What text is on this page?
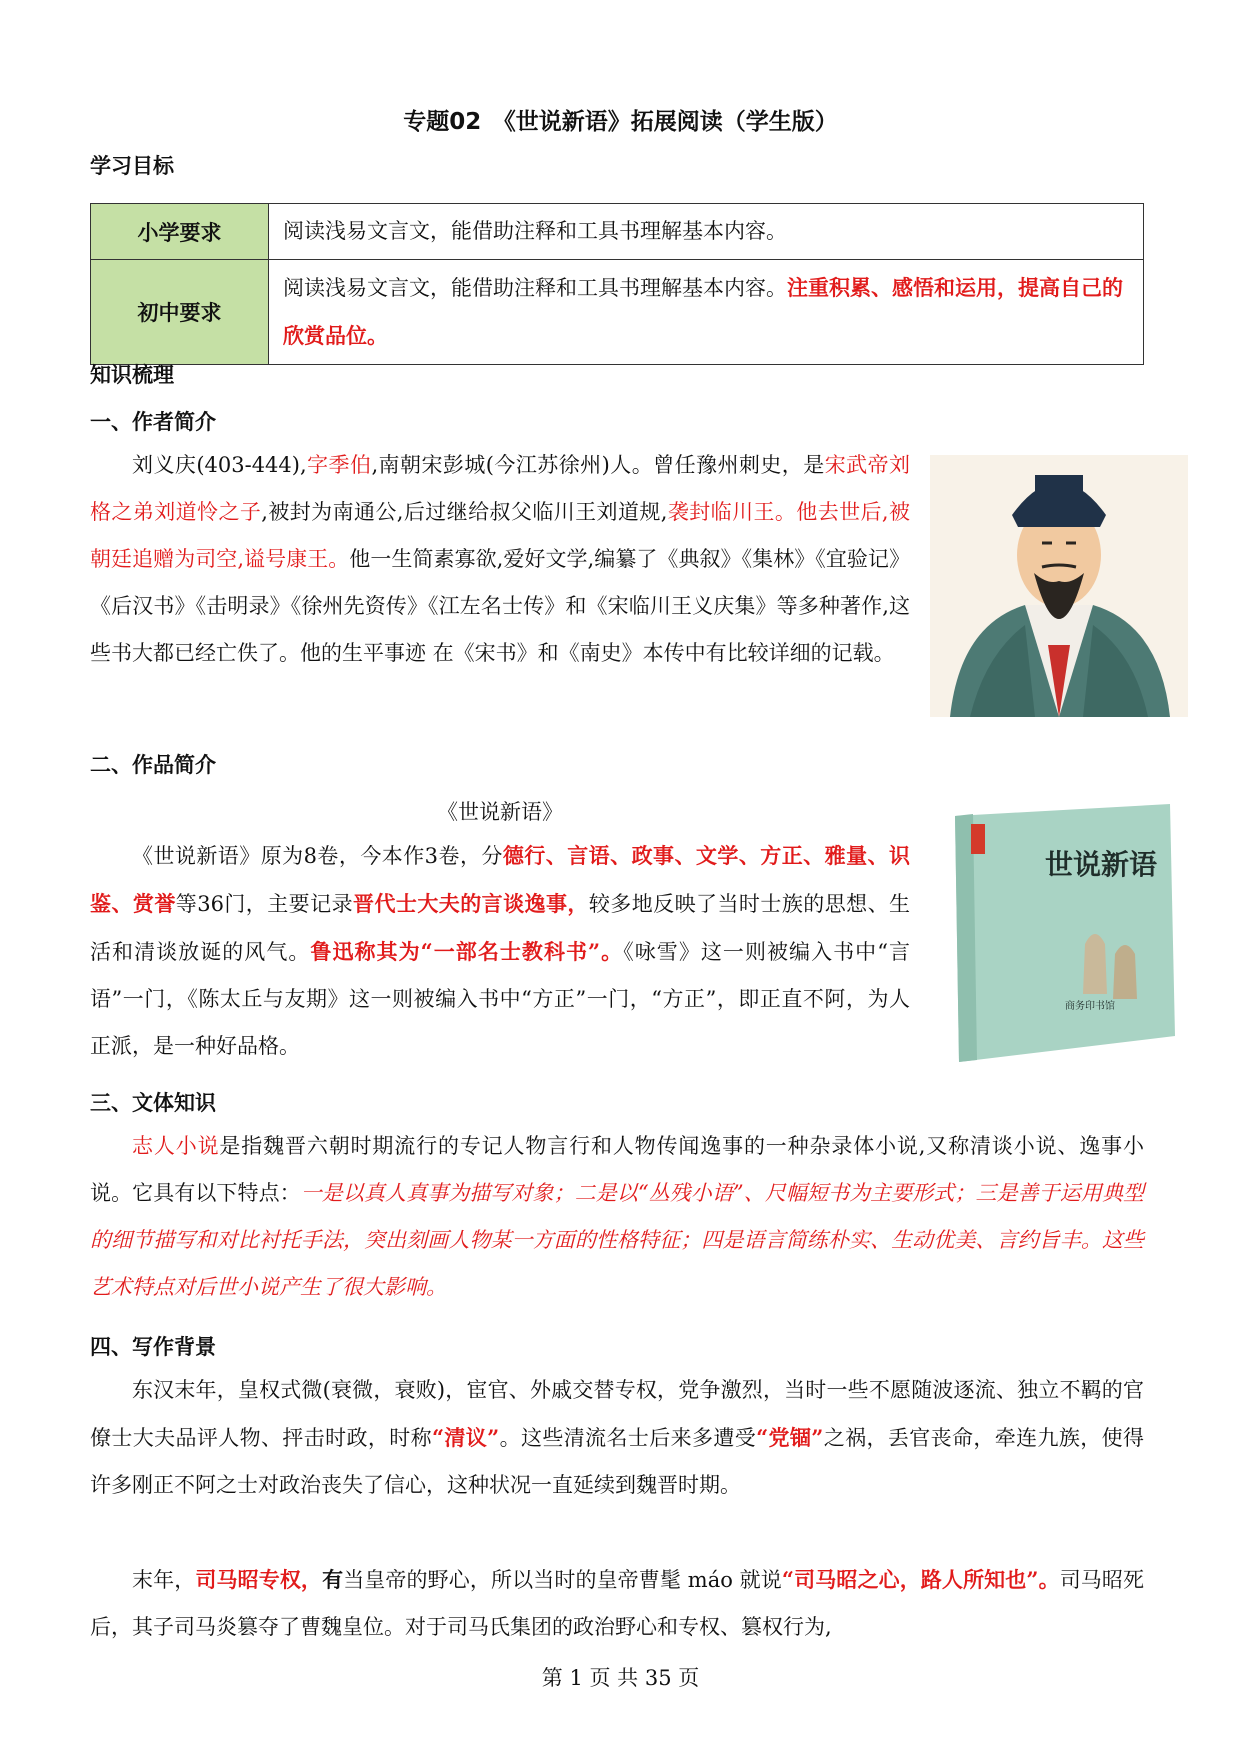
专题02　《世说新语》拓展阅读（学生版）
学习目标
小学要求	阅读浅易文言文，能借助注释和工具书理解基本内容。
初中要求	阅读浅易文言文，能借助注释和工具书理解基本内容。注重积累、感悟和运用，提高自己的欣赏品位。
知识梳理
一、作者简介
刘义庆(403-444),字季伯,南朝宋彭城(今江苏徐州)人。曾任豫州刺史，是宋武帝刘格之弟刘道怜之子,被封为南通公,后过继给叔父临川王刘道规,袭封临川王。他去世后,被朝廷追赠为司空,谥号康王。他一生简素寡欲,爱好文学,编纂了《典叙》《集林》《宜验记》《后汉书》《击明录》《徐州先资传》《江左名士传》和《宋临川王义庆集》等多种著作,这些书大都已经亡佚了。他的生平事迹 在《宋书》和《南史》本传中有比较详细的记载。
二、作品简介
《世说新语》
《世说新语》原为8卷，今本作3卷，分德行、言语、政事、文学、方正、雅量、识鉴、赏誉等36门，主要记录晋代士大夫的言谈逸事，较多地反映了当时士族的思想、生活和清谈放诞的风气。鲁迅称其为“一部名士教科书”。《咏雪》这一则被编入书中“言语”一门，《陈太丘与友期》这一则被编入书中“方正”一门，“方正”，即正直不阿，为人正派，是一种好品格。
世说新语
商务印书馆
三、文体知识
志人小说是指魏晋六朝时期流行的专记人物言行和人物传闻逸事的一种杂录体小说,又称清谈小说、逸事小说。它具有以下特点：一是以真人真事为描写对象；二是以“丛残小语”、尺幅短书为主要形式；三是善于运用典型的细节描写和对比衬托手法，突出刻画人物某一方面的性格特征；四是语言简练朴实、生动优美、言约旨丰。这些艺术特点对后世小说产生了很大影响。
四、写作背景
东汉末年，皇权式微(衰微，衰败)，宦官、外戚交替专权，党争激烈，当时一些不愿随波逐流、独立不羁的官僚士大夫品评人物、抨击时政，时称“清议”。这些清流名士后来多遭受“党锢”之祸，丢官丧命，牵连九族，使得许多刚正不阿之士对政治丧失了信心，这种状况一直延续到魏晋时期。
末年，司马昭专权，有当皇帝的野心，所以当时的皇帝曹髦 máo 就说“司马昭之心，路人所知也”。司马昭死后，其子司马炎篡夺了曹魏皇位。对于司马氏集团的政治野心和专权、篡权行为,
第 1 页 共 35 页
